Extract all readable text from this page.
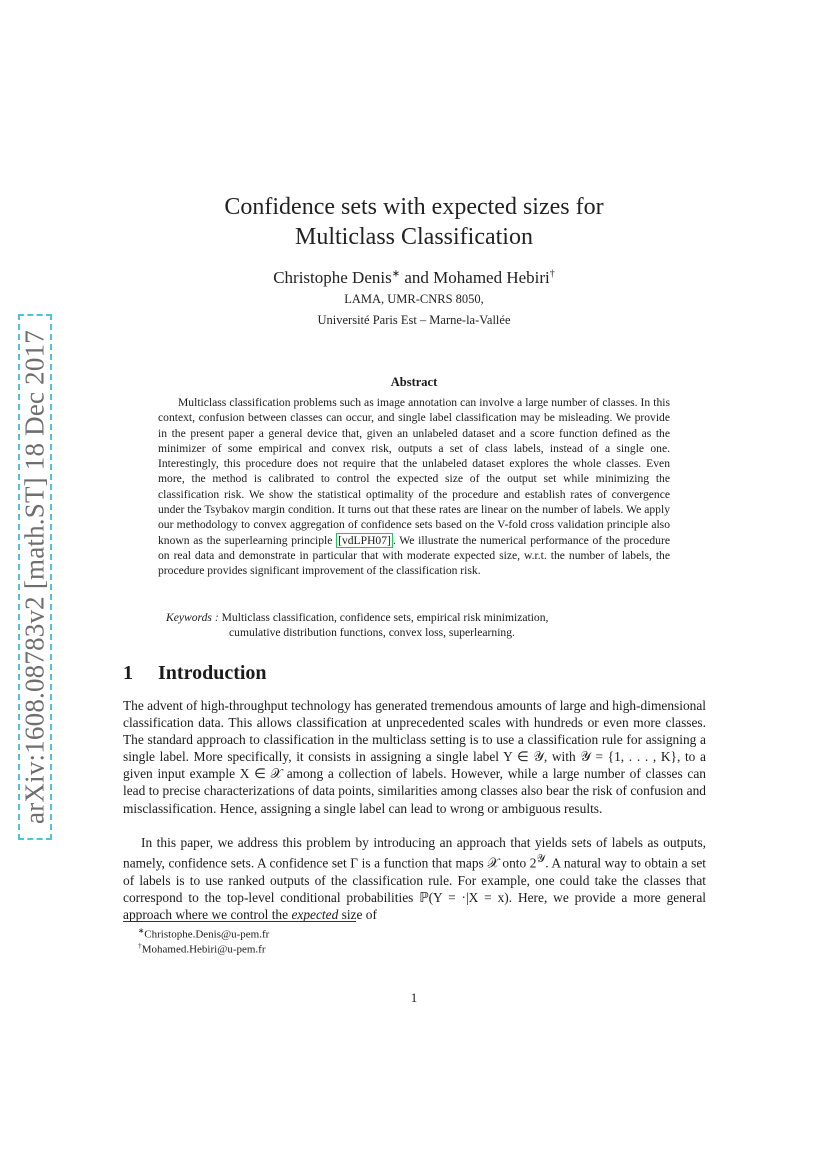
arXiv:1608.08783v2 [math.ST] 18 Dec 2017
Confidence sets with expected sizes for
Multiclass Classification
Christophe Denis∗ and Mohamed Hebiri†
LAMA, UMR-CNRS 8050,
Université Paris Est – Marne-la-Vallée
Abstract

Multiclass classification problems such as image annotation can involve a large number of classes. In this context, confusion between classes can occur, and single label classification may be misleading. We provide in the present paper a general device that, given an unlabeled dataset and a score function defined as the minimizer of some empirical and convex risk, outputs a set of class labels, instead of a single one. Interestingly, this procedure does not require that the unlabeled dataset explores the whole classes. Even more, the method is calibrated to control the expected size of the output set while minimizing the classification risk. We show the statistical optimality of the procedure and establish rates of convergence under the Tsybakov margin condition. It turns out that these rates are linear on the number of labels. We apply our methodology to convex aggregation of confidence sets based on the V-fold cross validation principle also known as the superlearning principle [vdLPH07] . We illustrate the numerical performance of the procedure on real data and demonstrate in particular that with moderate expected size, w.r.t. the number of labels, the procedure provides significant improvement of the classification risk.

Keywords : Multiclass classification, confidence sets, empirical risk minimization,
cumulative distribution functions, convex loss, superlearning.
1 Introduction

The advent of high-throughput technology has generated tremendous amounts of large and high-dimensional classification data. This allows classification at unprecedented scales with hundreds or even more classes. The standard approach to classification in the multiclass setting is to use a classification rule for assigning a single label. More specifically, it consists in assigning a single label Y ∈ 𝒴, with 𝒴 = {1, . . . , K}, to a given input example X ∈ 𝒳 among a collection of labels. However, while a large number of classes can lead to precise characterizations of data points, similarities among classes also bear the risk of confusion and misclassification. Hence, assigning a single label can lead to wrong or ambiguous results.

In this paper, we address this problem by introducing an approach that yields sets of labels as outputs, namely, confidence sets. A confidence set Γ is a function that maps 𝒳 onto $2^𝒴$. A natural way to obtain a set of labels is to use ranked outputs of the classification rule. For example, one could take the classes that correspond to the top-level conditional probabilities ℙ(Y = ·|X = x). Here, we provide a more general approach where we control the expected size of

∗Christophe.Denis@u-pem.fr
†Mohamed.Hebiri@u-pem.fr
1
